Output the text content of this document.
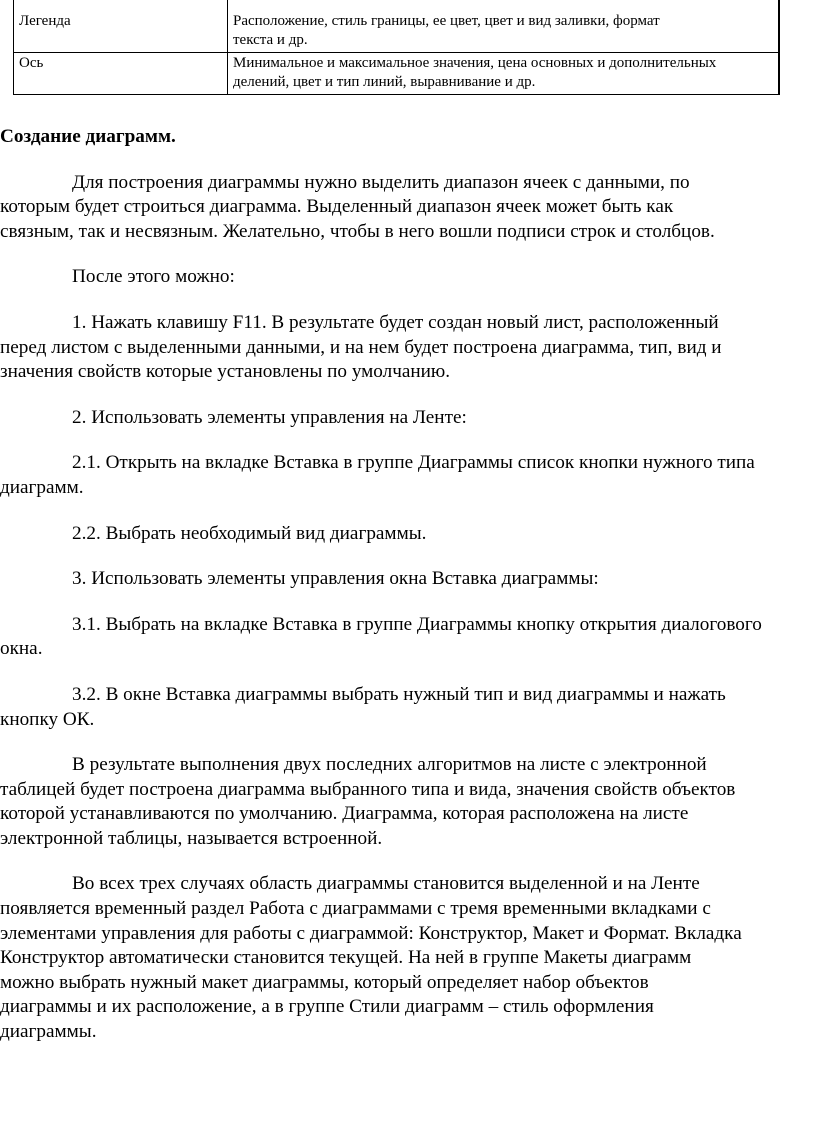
Легенда	Расположение, стиль границы, ее цвет, цвет и вид заливки, формат
текста и др.

Ось	Минимальное и максимальное значения, цена основных и дополнительных
делений, цвет и тип линий, выравнивание и др.

Создание диаграмм.

Для построения диаграммы нужно выделить диапазон ячеек с данными, по
которым будет строиться диаграмма. Выделенный диапазон ячеек может быть как
связным, так и несвязным. Желательно, чтобы в него вошли подписи строк и столбцов.

После этого можно:

1. Нажать клавишу F11. В результате будет создан новый лист, расположенный
перед листом с выделенными данными, и на нем будет построена диаграмма, тип, вид и
значения свойств которые установлены по умолчанию.

2. Использовать элементы управления на Ленте:

2.1. Открыть на вкладке Вставка в группе Диаграммы список кнопки нужного типа
диаграмм.

2.2. Выбрать необходимый вид диаграммы.

3. Использовать элементы управления окна Вставка диаграммы:

3.1. Выбрать на вкладке Вставка в группе Диаграммы кнопку открытия диалогового
окна.

3.2. В окне Вставка диаграммы выбрать нужный тип и вид диаграммы и нажать
кнопку ОК.

В результате выполнения двух последних алгоритмов на листе с электронной
таблицей будет построена диаграмма выбранного типа и вида, значения свойств объектов
которой устанавливаются по умолчанию. Диаграмма, которая расположена на листе
электронной таблицы, называется встроенной.

Во всех трех случаях область диаграммы становится выделенной и на Ленте
появляется временный раздел Работа с диаграммами с тремя временными вкладками с
элементами управления для работы с диаграммой: Конструктор, Макет и Формат. Вкладка
Конструктор автоматически становится текущей. На ней в группе Макеты диаграмм
можно выбрать нужный макет диаграммы, который определяет набор объектов
диаграммы и их расположение, а в группе Стили диаграмм – стиль оформления
диаграммы.
